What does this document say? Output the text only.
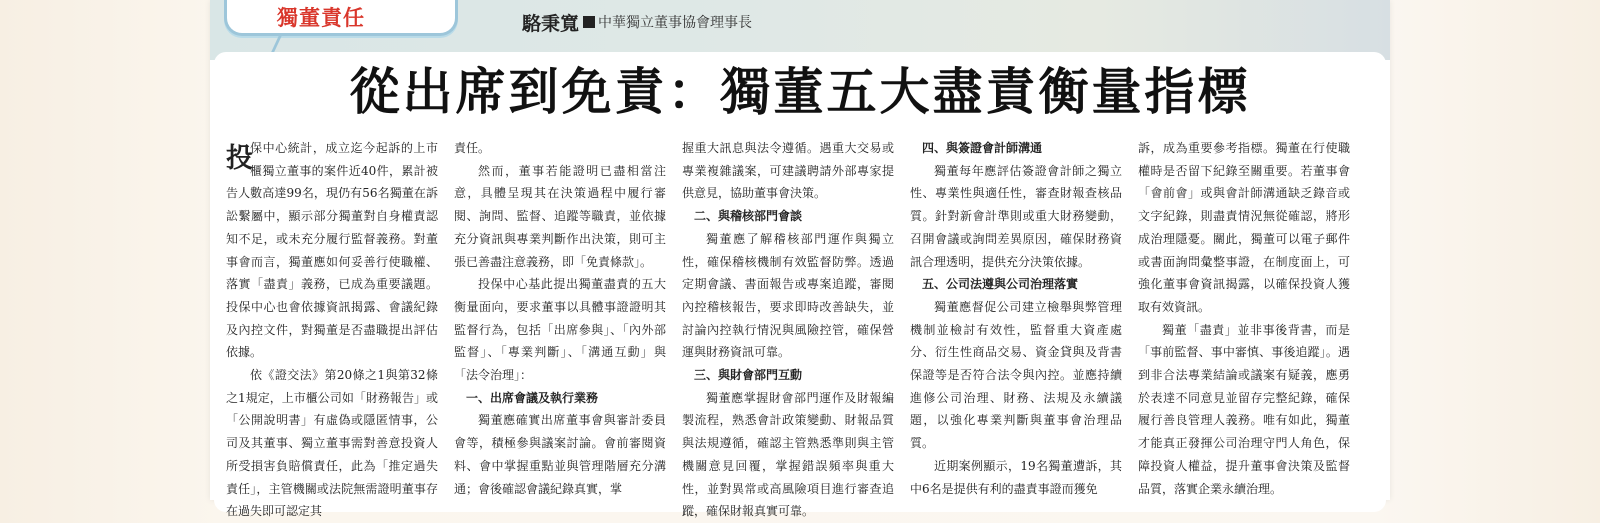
獨董責任	駱秉寬 中華獨立董事協會理事長
從出席到免責：獨董五大盡責衡量指標

投
保中心統計，成立迄今起訴的上市櫃獨立董事的案件近40件，累計被告人數高達99名，現仍有56名獨董在訴訟繫屬中，顯示部分獨董對自身權責認知不足，或未充分履行監督義務。對董事會而言，獨董應如何妥善行使職權、落實「盡責」義務，已成為重要議題。投保中心也會依據資訊揭露、會議紀錄及內控文件，對獨董是否盡職提出評估依據。

依《證交法》第20條之1與第32條之1規定，上市櫃公司如「財務報告」或「公開說明書」有虛偽或隱匿情事，公司及其董事、獨立董事需對善意投資人所受損害負賠償責任，此為「推定過失責任」，主管機關或法院無需證明董事存在過失即可認定其

責任。

然而，董事若能證明已盡相當注意，具體呈現其在決策過程中履行審閱、詢問、監督、追蹤等職責，並依據充分資訊與專業判斷作出決策，則可主張已善盡注意義務，即「免責條款」。

投保中心基此提出獨董盡責的五大衡量面向，要求董事以具體事證證明其監督行為，包括「出席參與」、「內外部監督」、「專業判斷」、「溝通互動」與「法令治理」：

一、出席會議及執行業務

獨董應確實出席董事會與審計委員會等，積極參與議案討論。會前審閱資料、會中掌握重點並與管理階層充分溝通；會後確認會議紀錄真實，掌

握重大訊息與法令遵循。遇重大交易或專業複雜議案，可建議聘請外部專家提供意見，協助董事會決策。

二、與稽核部門會談

獨董應了解稽核部門運作與獨立性，確保稽核機制有效監督防弊。透過定期會議、書面報告或專案追蹤，審閱內控稽核報告，要求即時改善缺失，並討論內控執行情況與風險控管，確保營運與財務資訊可靠。

三、與財會部門互動

獨董應掌握財會部門運作及財報編製流程，熟悉會計政策變動、財報品質與法規遵循，確認主管熟悉準則與主管機關意見回覆，掌握錯誤頻率與重大性，並對異常或高風險項目進行審查追蹤，確保財報真實可靠。

四、與簽證會計師溝通

獨董每年應評估簽證會計師之獨立性、專業性與適任性，審查財報查核品質。針對新會計準則或重大財務變動，召開會議或詢問差異原因，確保財務資訊合理透明，提供充分決策依據。

五、公司法遵與公司治理落實

獨董應督促公司建立檢舉與弊管理機制並檢討有效性，監督重大資產處分、衍生性商品交易、資金貸與及背書保證等是否符合法令與內控。並應持續進修公司治理、財務、法規及永續議題，以強化專業判斷與董事會治理品質。

近期案例顯示，19名獨董遭訴，其中6名是提供有利的盡責事證而獲免

訴，成為重要參考指標。獨董在行使職權時是否留下紀錄至關重要。若董事會「會前會」或與會計師溝通缺乏錄音或文字紀錄，則盡責情況無從確認，將形成治理隱憂。關此，獨董可以電子郵件或書面詢問彙整事證，在制度面上，可強化董事會資訊揭露，以確保投資人獲取有效資訊。

獨董「盡責」並非事後背書，而是「事前監督、事中審慎、事後追蹤」。遇到非合法專業結論或議案有疑義，應勇於表達不同意見並留存完整紀錄，確保履行善良管理人義務。唯有如此，獨董才能真正發揮公司治理守門人角色，保障投資人權益，提升董事會決策及監督品質，落實企業永續治理。
